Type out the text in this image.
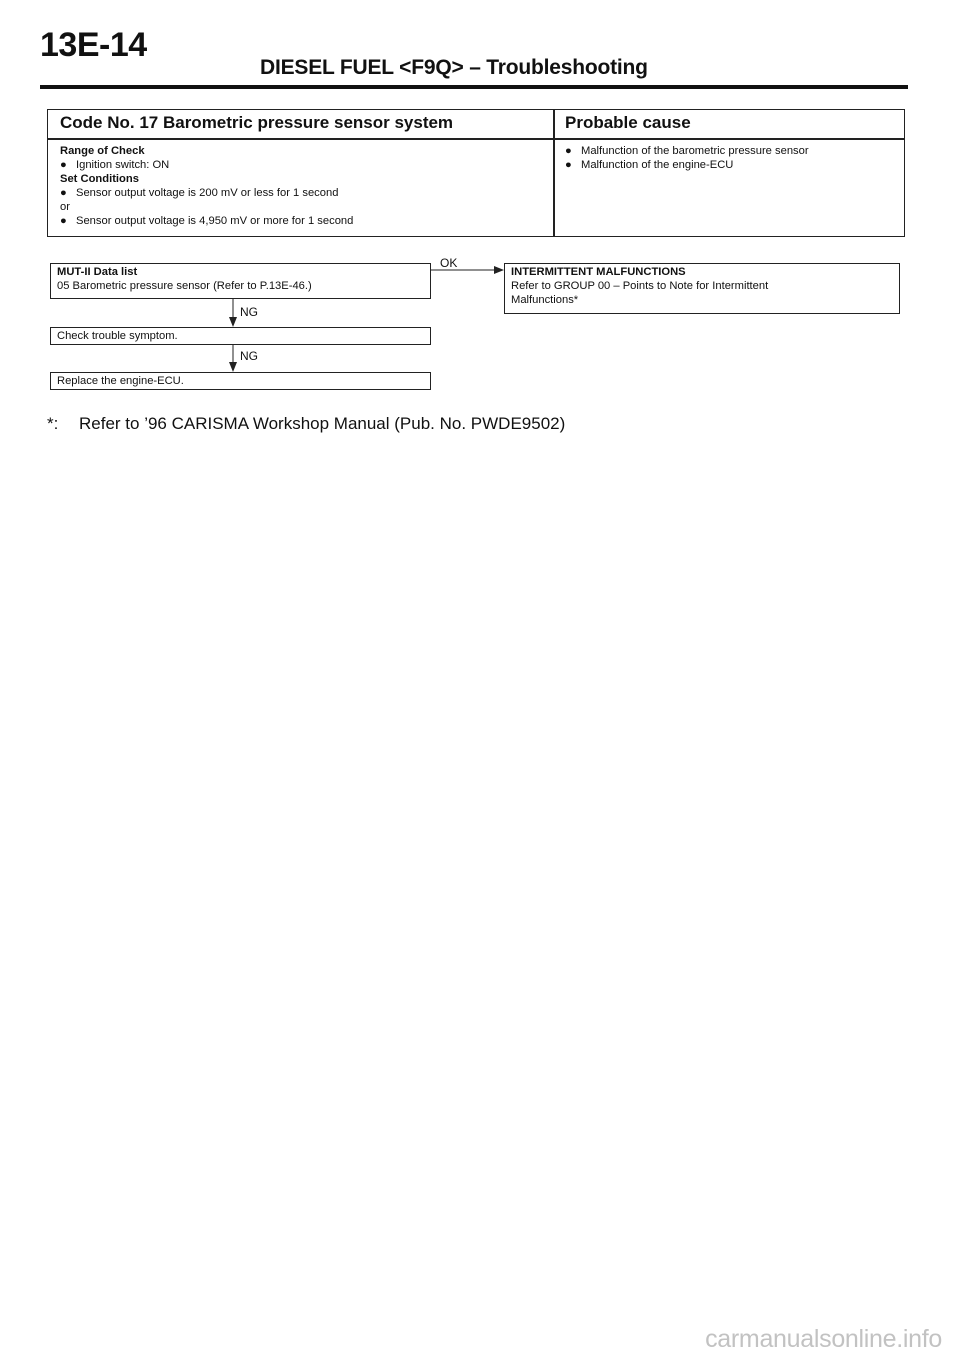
13E-14
DIESEL FUEL <F9Q> – Troubleshooting
Code No. 17 Barometric pressure sensor system	Probable cause
Range of Check
● Ignition switch: ON
Set Conditions
● Sensor output voltage is 200 mV or less for 1 second
or
● Sensor output voltage is 4,950 mV or more for 1 second
● Malfunction of the barometric pressure sensor
● Malfunction of the engine-ECU
MUT-II Data list
05 Barometric pressure sensor (Refer to P.13E-46.)
OK
INTERMITTENT MALFUNCTIONS
Refer to GROUP 00 – Points to Note for Intermittent
Malfunctions*
NG
Check trouble symptom.
NG
Replace the engine-ECU.
*: Refer to ’96 CARISMA Workshop Manual (Pub. No. PWDE9502)
carmanualsonline.info
